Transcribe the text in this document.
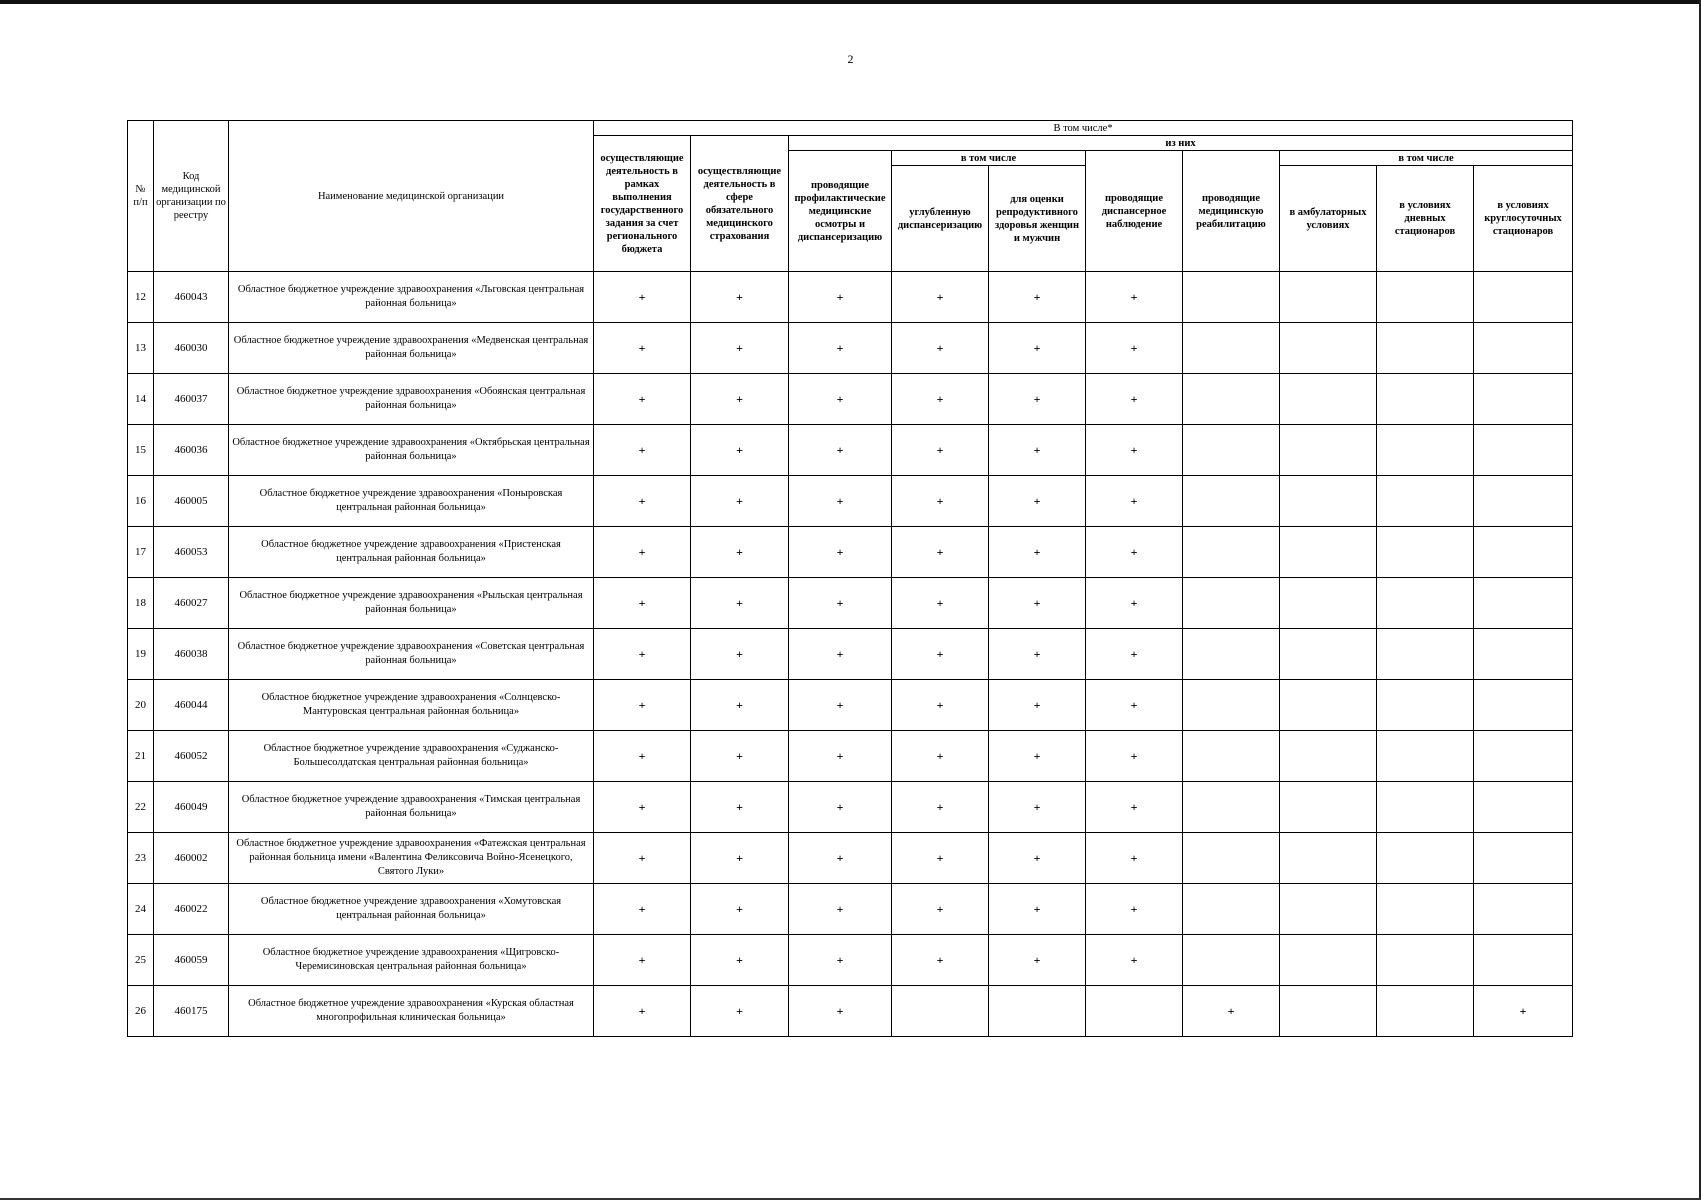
2
№ п/п	Код медицинской организации по реестру	Наименование медицинской организации	В том числе*									
			осуществляющие деятельность в рамках выполнения государственного задания за счет регионального бюджета	осуществляющие деятельность в сфере обязательного медицинского страхования	из них							
					проводящие профилактические медицинские осмотры и диспансеризацию	в том числе		проводящие диспансерное наблюдение	проводящие медицинскую реабилитацию	в том числе		
						углубленную диспансеризацию	для оценки репродуктивного здоровья женщин и мужчин			в амбулаторных условиях	в условиях дневных стационаров	в условиях круглосуточных стационаров
12	460043	Областное бюджетное учреждение здравоохранения «Льговская центральная районная больница»	+	+	+	+	+	+				
13	460030	Областное бюджетное учреждение здравоохранения «Медвенская центральная районная больница»	+	+	+	+	+	+				
14	460037	Областное бюджетное учреждение здравоохранения «Обоянская центральная районная больница»	+	+	+	+	+	+				
15	460036	Областное бюджетное учреждение здравоохранения «Октябрьская центральная районная больница»	+	+	+	+	+	+				
16	460005	Областное бюджетное учреждение здравоохранения «Поныровская центральная районная больница»	+	+	+	+	+	+				
17	460053	Областное бюджетное учреждение здравоохранения «Пристенская центральная районная больница»	+	+	+	+	+	+				
18	460027	Областное бюджетное учреждение здравоохранения «Рыльская центральная районная больница»	+	+	+	+	+	+				
19	460038	Областное бюджетное учреждение здравоохранения «Советская центральная районная больница»	+	+	+	+	+	+				
20	460044	Областное бюджетное учреждение здравоохранения «Солнцевско-Мантуровская центральная районная больница»	+	+	+	+	+	+				
21	460052	Областное бюджетное учреждение здравоохранения «Суджанско-Большесолдатская центральная районная больница»	+	+	+	+	+	+				
22	460049	Областное бюджетное учреждение здравоохранения «Тимская центральная районная больница»	+	+	+	+	+	+				
23	460002	Областное бюджетное учреждение здравоохранения «Фатежская центральная районная больница имени «Валентина Феликсовича Войно-Ясенецкого, Святого Луки»	+	+	+	+	+	+				
24	460022	Областное бюджетное учреждение здравоохранения «Хомутовская центральная районная больница»	+	+	+	+	+	+				
25	460059	Областное бюджетное учреждение здравоохранения «Щигровско-Черемисиновская центральная районная больница»	+	+	+	+	+	+				
26	460175	Областное бюджетное учреждение здравоохранения «Курская областная многопрофильная клиническая больница»	+	+	+				+			+
